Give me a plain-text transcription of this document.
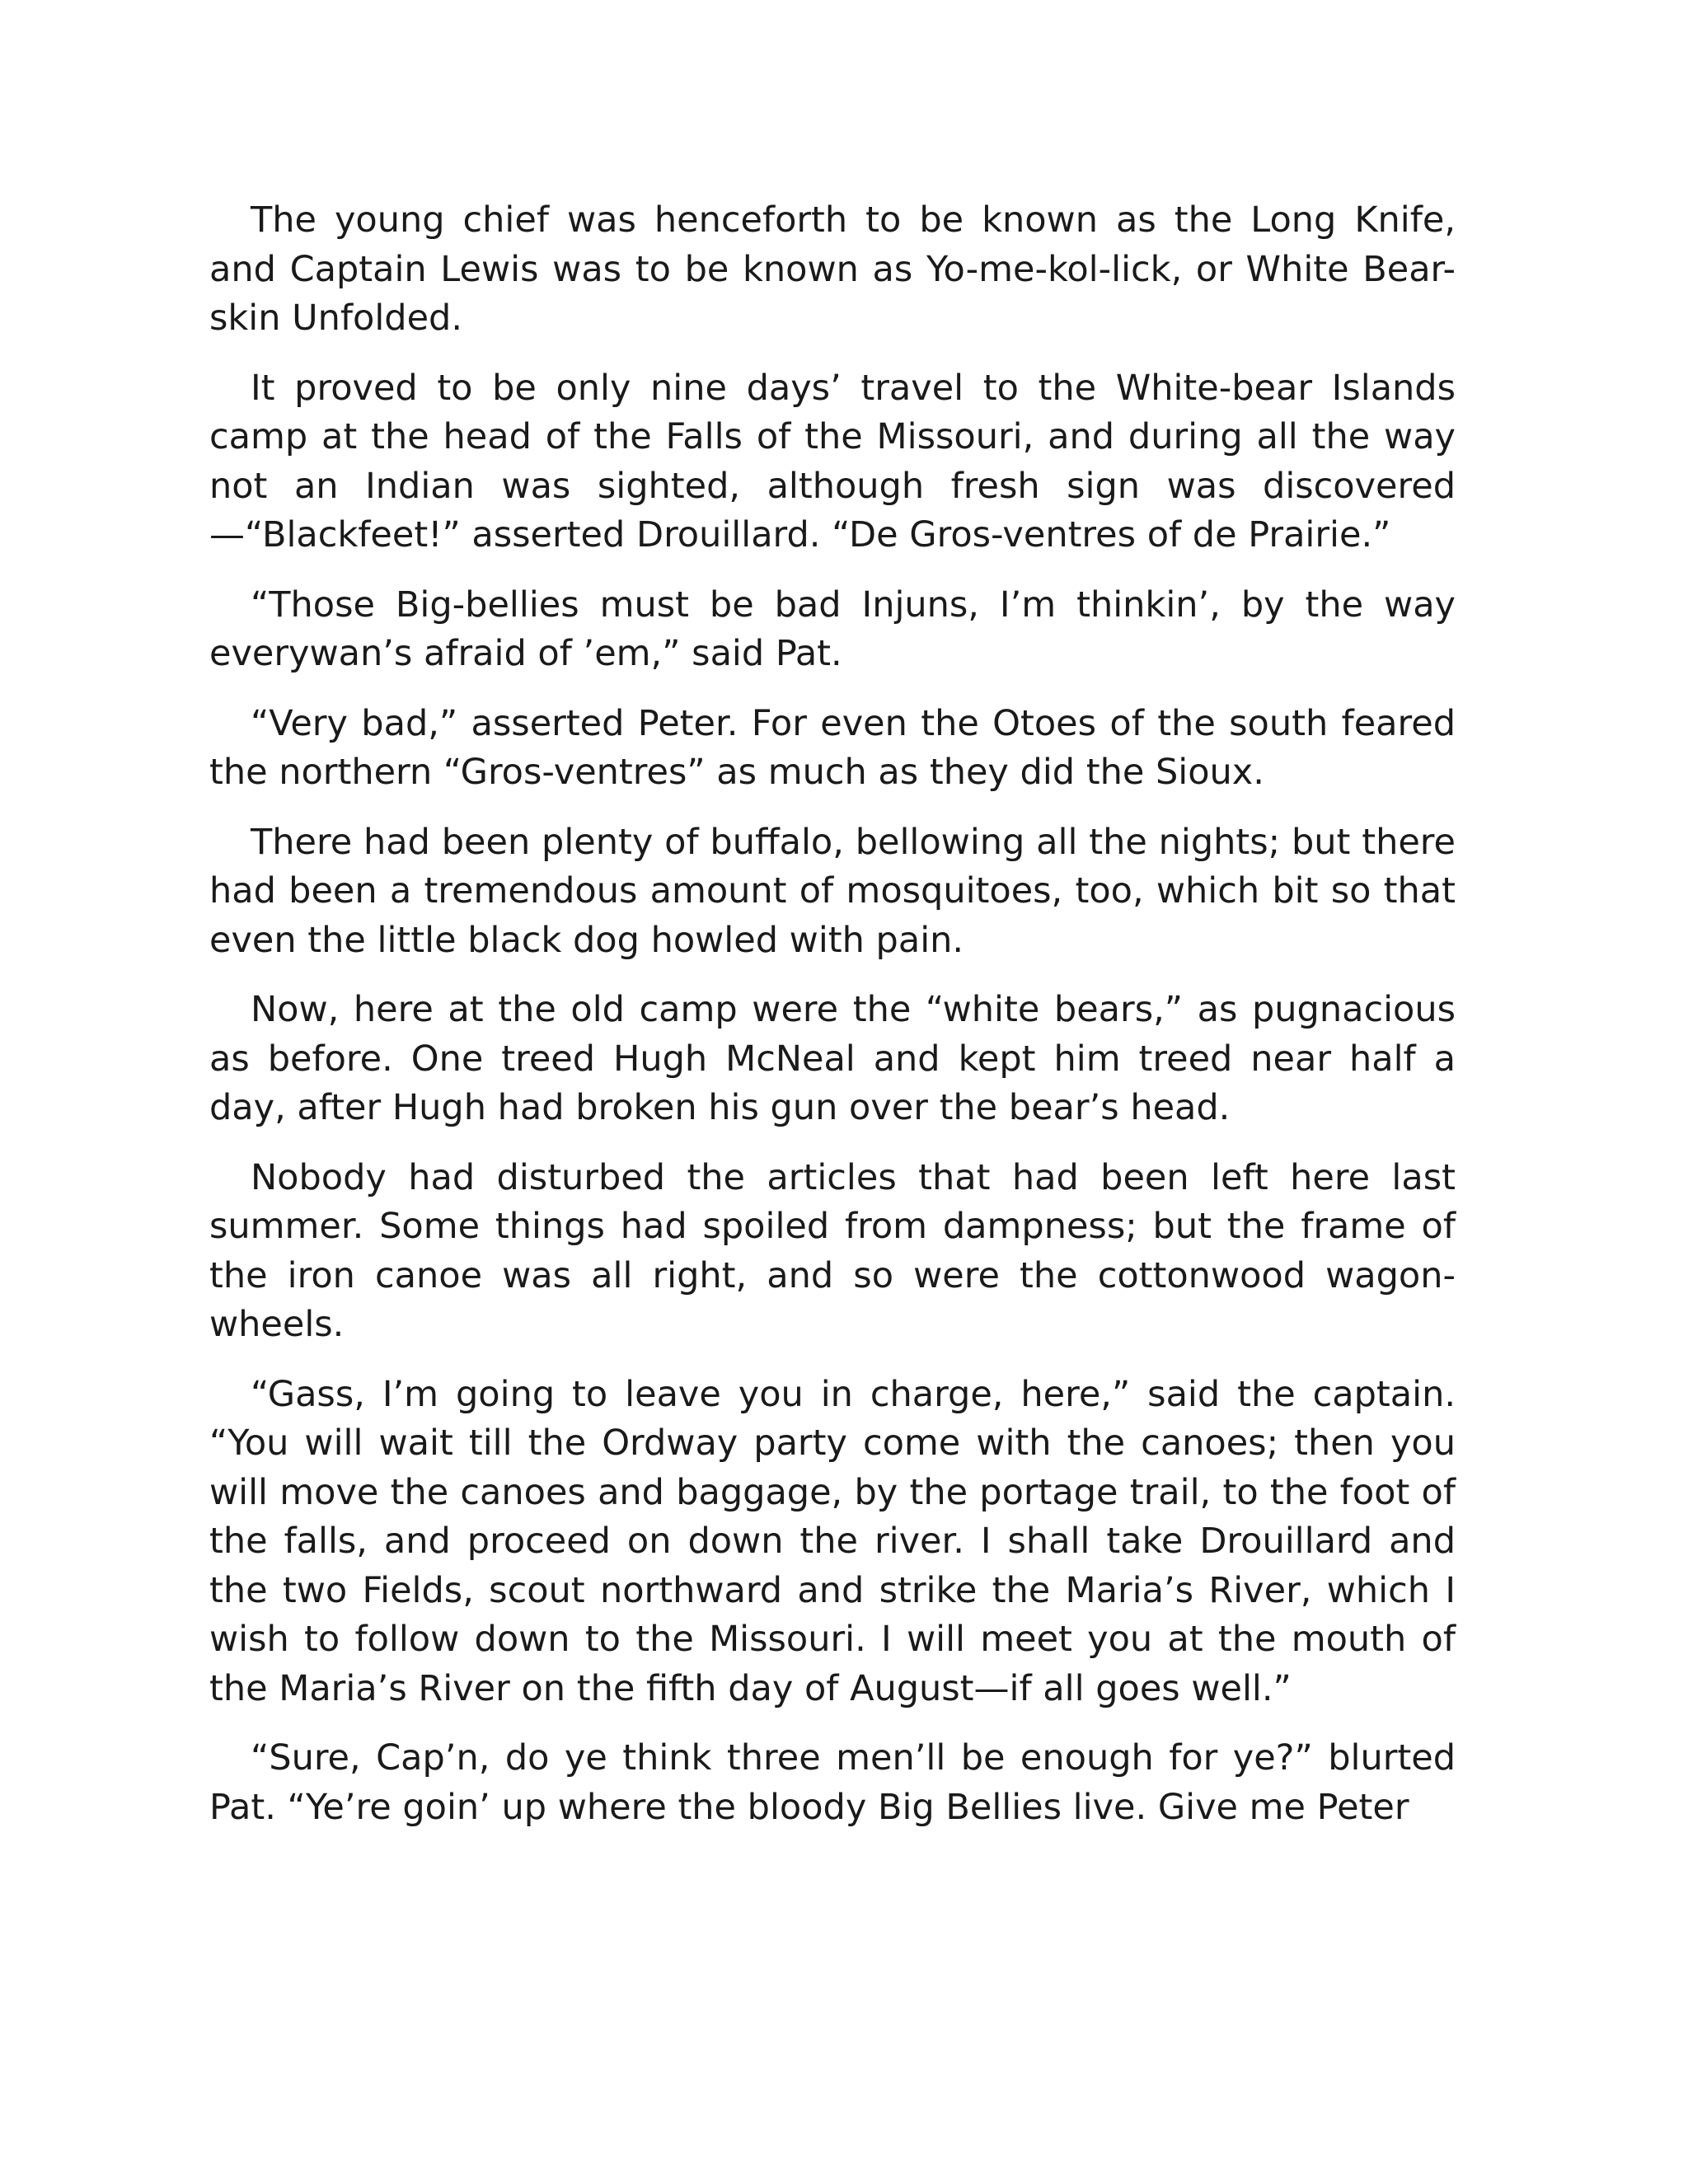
The young chief was henceforth to be known as the Long Knife, and Captain Lewis was to be known as Yo-me-kol-lick, or White Bear-skin Unfolded.

It proved to be only nine days’ travel to the White-bear Islands camp at the head of the Falls of the Missouri, and during all the way not an Indian was sighted, although fresh sign was discovered —“Blackfeet!” asserted Drouillard. “De Gros-ventres of de Prairie.”

“Those Big-bellies must be bad Injuns, I’m thinkin’, by the way everywan’s afraid of ’em,” said Pat.

“Very bad,” asserted Peter. For even the Otoes of the south feared the northern “Gros-ventres” as much as they did the Sioux.

There had been plenty of buffalo, bellowing all the nights; but there had been a tremendous amount of mosquitoes, too, which bit so that even the little black dog howled with pain.

Now, here at the old camp were the “white bears,” as pugnacious as before. One treed Hugh McNeal and kept him treed near half a day, after Hugh had broken his gun over the bear’s head.

Nobody had disturbed the articles that had been left here last summer. Some things had spoiled from dampness; but the frame of the iron canoe was all right, and so were the cottonwood wagon-wheels.

“Gass, I’m going to leave you in charge, here,” said the captain. “You will wait till the Ordway party come with the canoes; then you will move the canoes and baggage, by the portage trail, to the foot of the falls, and proceed on down the river. I shall take Drouillard and the two Fields, scout northward and strike the Maria’s River, which I wish to follow down to the Missouri. I will meet you at the mouth of the Maria’s River on the fifth day of August—if all goes well.”

“Sure, Cap’n, do ye think three men’ll be enough for ye?” blurted Pat. “Ye’re goin’ up where the bloody Big Bellies live. Give me Peter
